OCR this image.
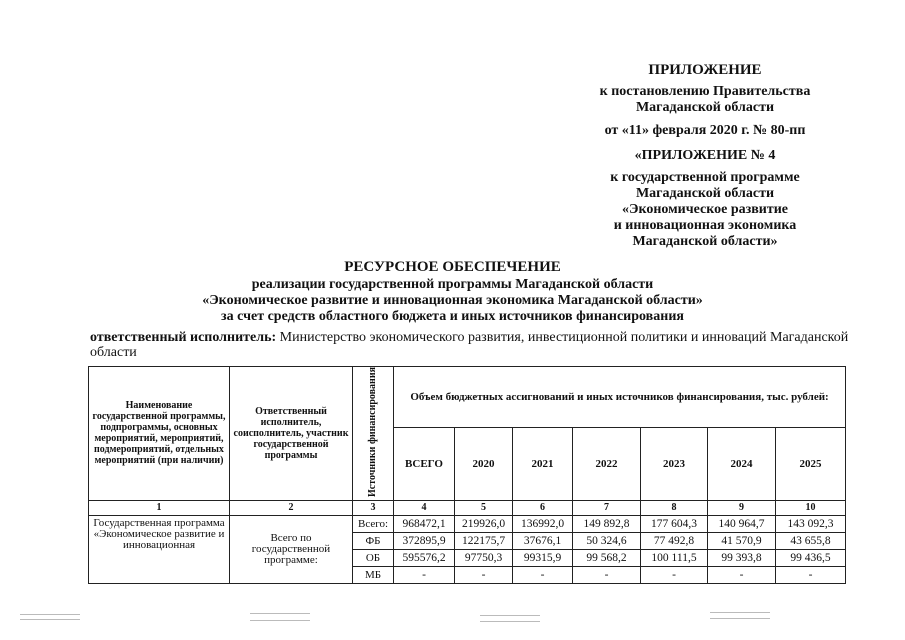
ПРИЛОЖЕНИЕ
к постановлению Правительства
Магаданской области
от «11» февраля 2020 г. № 80-пп
«ПРИЛОЖЕНИЕ № 4
к государственной программе
Магаданской области
«Экономическое развитие
и инновационная экономика
Магаданской области»
РЕСУРСНОЕ ОБЕСПЕЧЕНИЕ
реализации государственной программы Магаданской области
«Экономическое развитие и инновационная экономика Магаданской области»
за счет средств областного бюджета и иных источников финансирования
ответственный исполнитель: Министерство экономического развития, инвестиционной политики и инноваций Магаданской области
Наименование государственной программы, подпрограммы, основных мероприятий, мероприятий, подмероприятий, отдельных мероприятий (при наличии)	Ответственный исполнитель, соисполнитель, участник государственной программы	Источники финансирования	Объем бюджетных ассигнований и иных источников финансирования, тыс. рублей:						
			ВСЕГО	2020	2021	2022	2023	2024	2025
1	2	3	4	5	6	7	8	9	10
Государственная программа «Экономическое развитие и инновационная	Всего по государственной программе:	Всего:	968472,1	219926,0	136992,0	149 892,8	177 604,3	140 964,7	143 092,3
		ФБ	372895,9	122175,7	37676,1	50 324,6	77 492,8	41 570,9	43 655,8
		ОБ	595576,2	97750,3	99315,9	99 568,2	100 111,5	99 393,8	99 436,5
		МБ	-	-	-	-	-	-	-
